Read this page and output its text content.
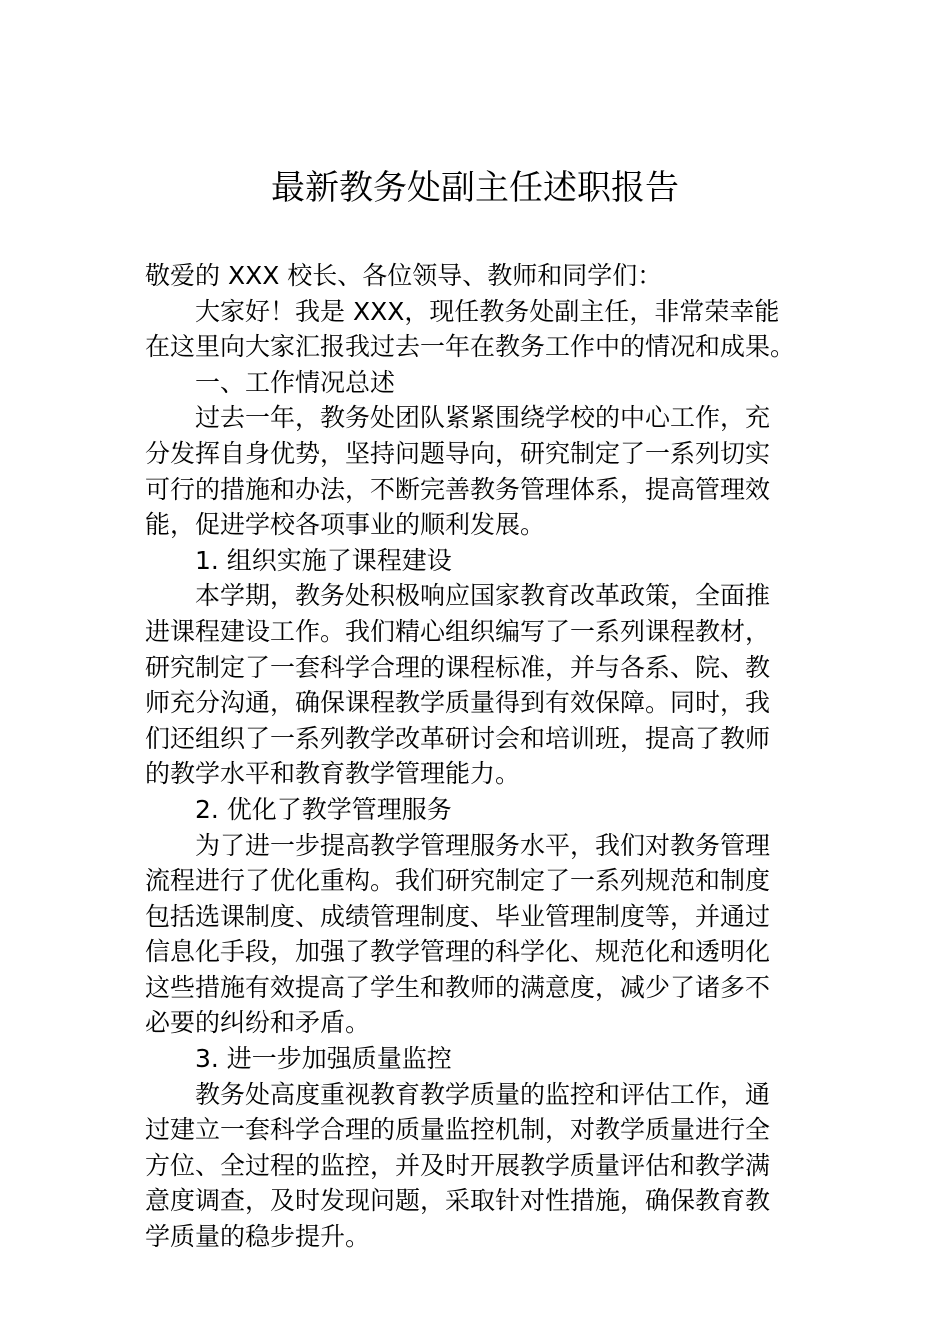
最新教务处副主任述职报告
敬爱的 XXX 校长、各位领导、教师和同学们：
大家好！我是 XXX，现任教务处副主任，非常荣幸能
在这里向大家汇报我过去一年在教务工作中的情况和成果。
一、工作情况总述
过去一年，教务处团队紧紧围绕学校的中心工作，充
分发挥自身优势，坚持问题导向，研究制定了一系列切实
可行的措施和办法，不断完善教务管理体系，提高管理效
能，促进学校各项事业的顺利发展。
1. 组织实施了课程建设
本学期，教务处积极响应国家教育改革政策，全面推
进课程建设工作。我们精心组织编写了一系列课程教材，
研究制定了一套科学合理的课程标准，并与各系、院、教
师充分沟通，确保课程教学质量得到有效保障。同时，我
们还组织了一系列教学改革研讨会和培训班，提高了教师
的教学水平和教育教学管理能力。
2. 优化了教学管理服务
为了进一步提高教学管理服务水平，我们对教务管理
流程进行了优化重构。我们研究制定了一系列规范和制度
包括选课制度、成绩管理制度、毕业管理制度等，并通过
信息化手段，加强了教学管理的科学化、规范化和透明化
这些措施有效提高了学生和教师的满意度，减少了诸多不
必要的纠纷和矛盾。
3. 进一步加强质量监控
教务处高度重视教育教学质量的监控和评估工作，通
过建立一套科学合理的质量监控机制，对教学质量进行全
方位、全过程的监控，并及时开展教学质量评估和教学满
意度调查，及时发现问题，采取针对性措施，确保教育教
学质量的稳步提升。
